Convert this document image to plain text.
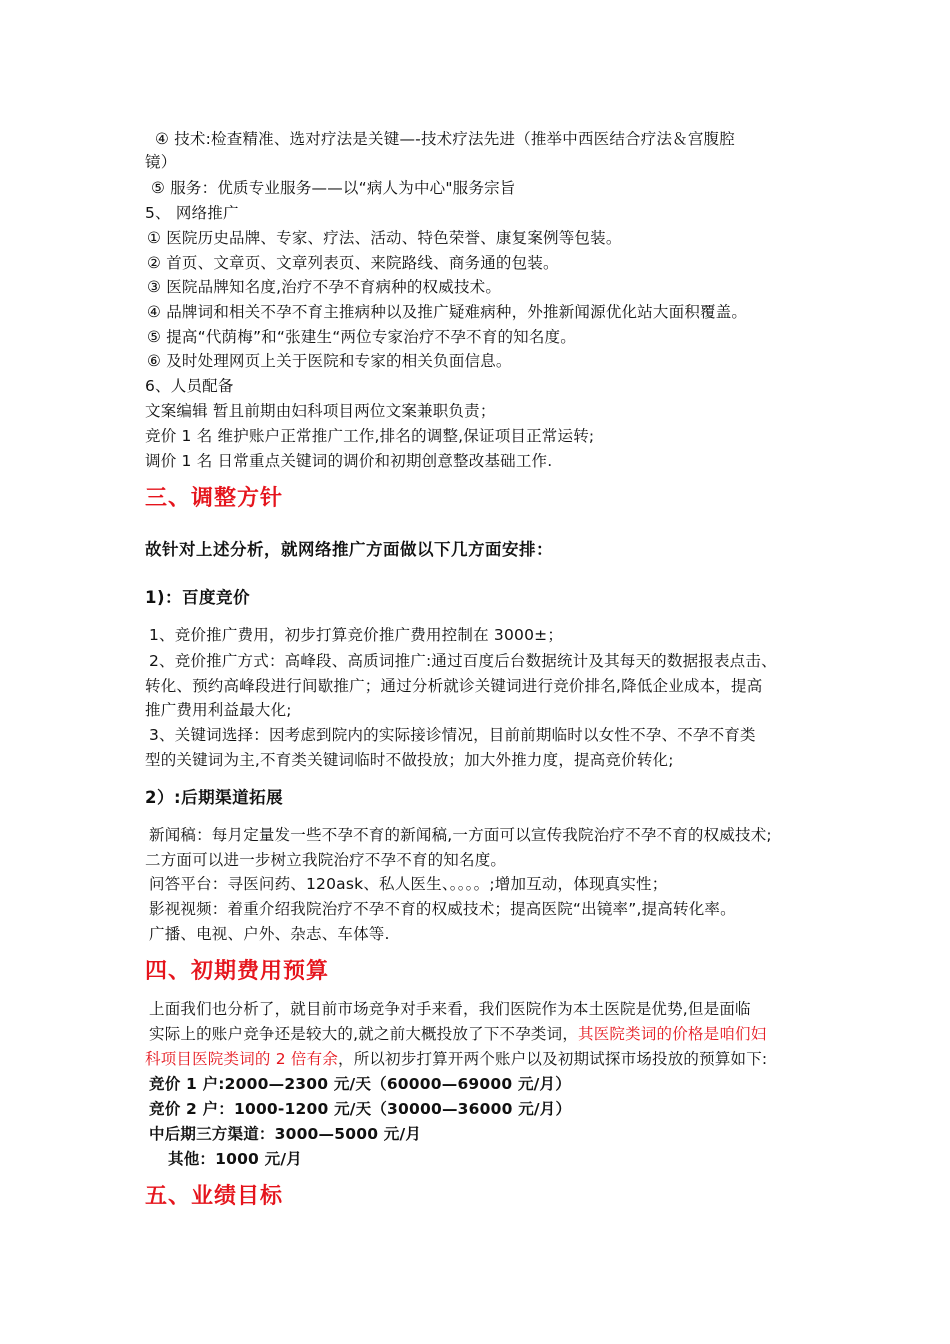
④ 技术:检查精准、选对疗法是关键—-技术疗法先进（推举中西医结合疗法＆宫腹腔
镜）
⑤ 服务：优质专业服务——以“病人为中心"服务宗旨
5、 网络推广
① 医院历史品牌、专家、疗法、活动、特色荣誉、康复案例等包装。
② 首页、文章页、文章列表页、来院路线、商务通的包装。
③ 医院品牌知名度,治疗不孕不育病种的权威技术。
④ 品牌词和相关不孕不育主推病种以及推广疑难病种，外推新闻源优化站大面积覆盖。
⑤ 提高“代荫梅”和“张建生“两位专家治疗不孕不育的知名度。
⑥ 及时处理网页上关于医院和专家的相关负面信息。
6、人员配备
文案编辑 暂且前期由妇科项目两位文案兼职负责；
竞价 1 名 维护账户正常推广工作,排名的调整,保证项目正常运转;
调价 1 名 日常重点关键词的调价和初期创意整改基础工作.
三、调整方针
故针对上述分析，就网络推广方面做以下几方面安排：
1)：百度竞价
1、竞价推广费用，初步打算竞价推广费用控制在 3000±；
2、竞价推广方式：高峰段、高质词推广:通过百度后台数据统计及其每天的数据报表点击、
转化、预约高峰段进行间歇推广；通过分析就诊关键词进行竞价排名,降低企业成本，提高
推广费用利益最大化;
3、关键词选择：因考虑到院内的实际接诊情况，目前前期临时以女性不孕、不孕不育类
型的关键词为主,不育类关键词临时不做投放；加大外推力度，提高竞价转化;
2）:后期渠道拓展
新闻稿：每月定量发一些不孕不育的新闻稿,一方面可以宣传我院治疗不孕不育的权威技术;
二方面可以进一步树立我院治疗不孕不育的知名度。
问答平台：寻医问药、120ask、私人医生、。。。。;增加互动，体现真实性；
影视视频：着重介绍我院治疗不孕不育的权威技术；提高医院“出镜率”,提高转化率。
广播、电视、户外、杂志、车体等.
四、初期费用预算
上面我们也分析了，就目前市场竞争对手来看，我们医院作为本土医院是优势,但是面临
实际上的账户竞争还是较大的,就之前大概投放了下不孕类词，其医院类词的价格是咱们妇
科项目医院类词的 2 倍有余，所以初步打算开两个账户以及初期试探市场投放的预算如下:
竞价 1 户:2000—2300 元/天（60000—69000 元/月）
竞价 2 户：1000-1200 元/天（30000—36000 元/月）
中后期三方渠道：3000—5000 元/月
其他：1000 元/月
五、业绩目标
